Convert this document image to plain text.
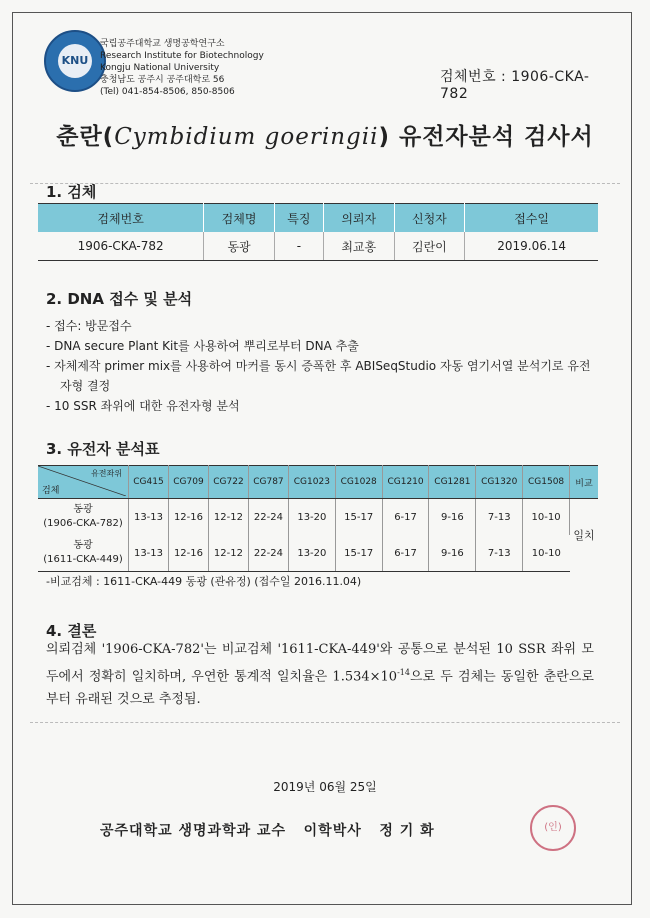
KNU
국립공주대학교 생명공학연구소
Research Institute for Biotechnology
Kongju National University
충청남도 공주시 공주대학로 56
(Tel) 041-854-8506, 850-8506
검체번호 : 1906-CKA-782
춘란(Cymbidium goeringii) 유전자분석 검사서
1. 검체
검체번호	검체명	특징	의뢰자	신청자	접수일
1906-CKA-782	동광	-	최교홍	김란이	2019.06.14
2. DNA 접수 및 분석
- 접수: 방문접수
- DNA secure Plant Kit를 사용하여 뿌리로부터 DNA 추출
- 자체제작 primer mix를 사용하여 마커를 동시 증폭한 후 ABISeqStudio 자동 염기서열 분석기로 유전자형 결정
- 10 SSR 좌위에 대한 유전자형 분석
3. 유전자 분석표
유전좌위
검체	CG415	CG709	CG722	CG787	CG1023	CG1028	CG1210	CG1281	CG1320	CG1508	비교

동광
(1906-CKA-782)	13-13	12-16	12-12	22-24	13-20	15-17	6-17	9-16	7-13	10-10	일치

동광
(1611-CKA-449)	13-13	12-16	12-12	22-24	13-20	15-17	6-17	9-16	7-13	10-10	
-비교검체 : 1611-CKA-449 동광 (관유정) (접수일 2016.11.04)
4. 결론
의뢰검체 '1906-CKA-782'는 비교검체 '1611-CKA-449'와 공통으로 분석된 10 SSR 좌위 모두에서 정확히 일치하며, 우연한 통계적 일치율은 $1.534\times 10^{-14}$으로 두 검체는 동일한 춘란으로부터 유래된 것으로 추정됨.
2019년 06월 25일
공주대학교 생명과학과 교수   이학박사   정 기 화	(인)
